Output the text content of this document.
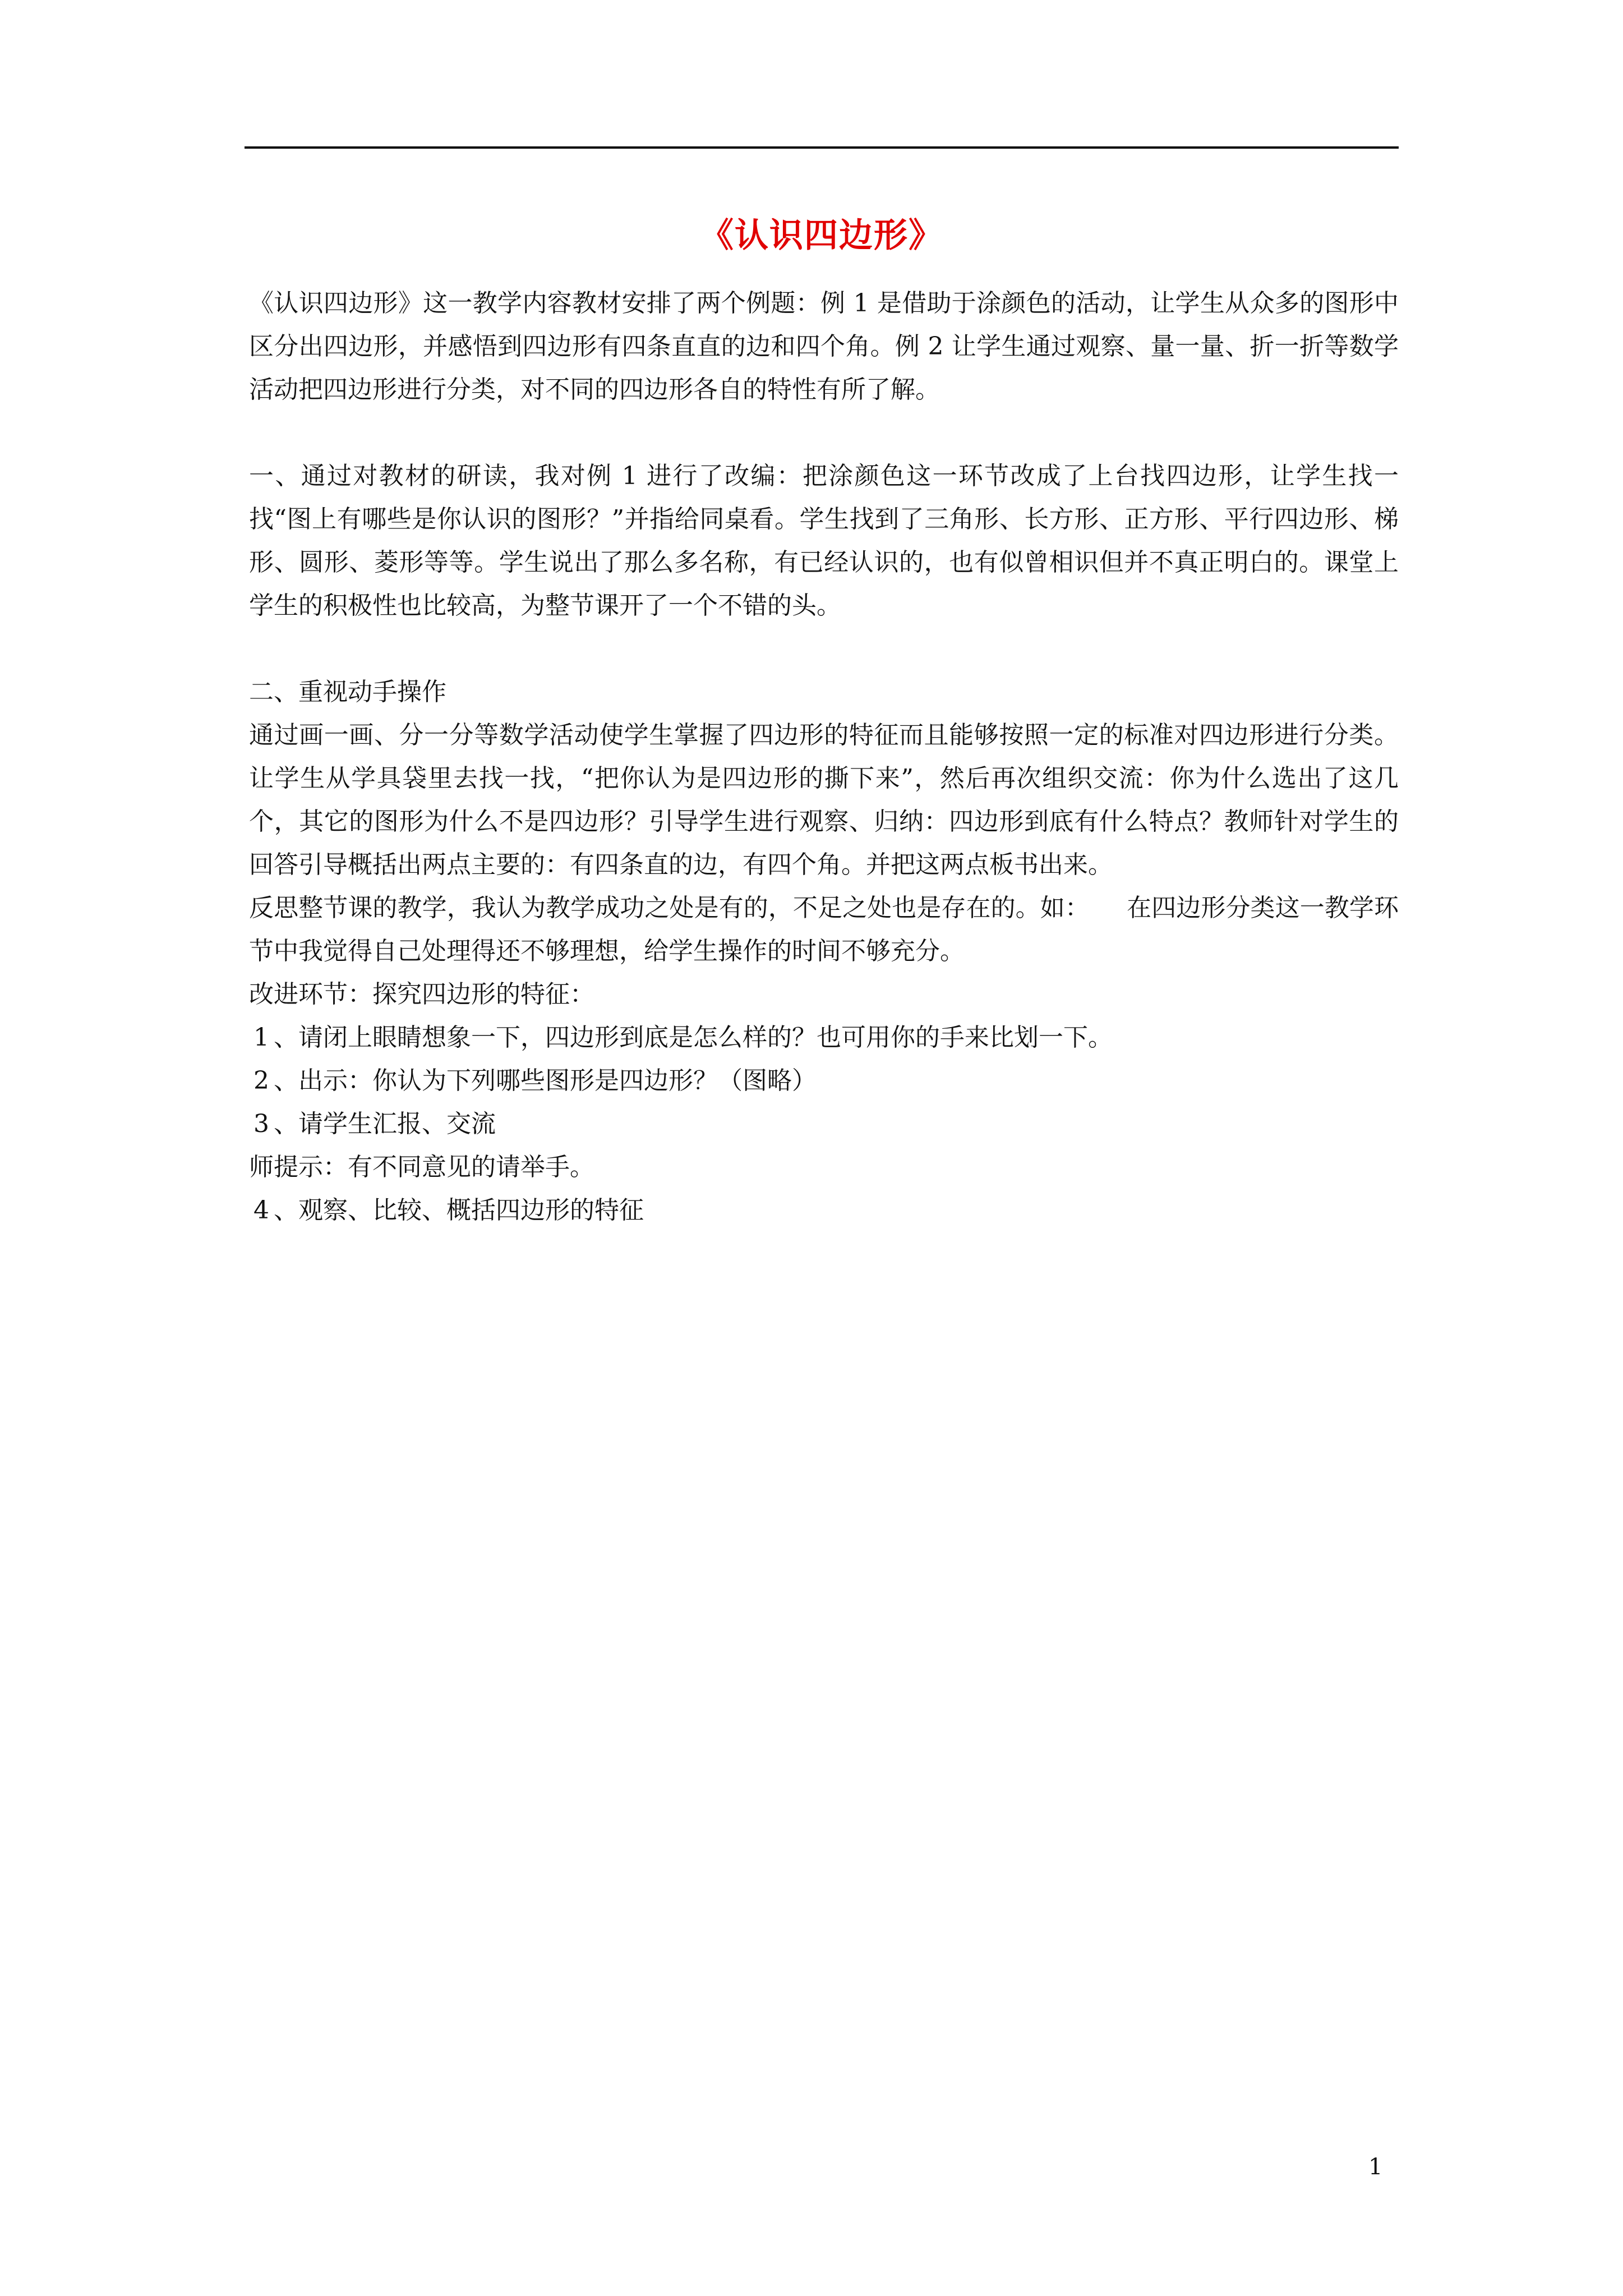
《认识四边形》

《认识四边形》这一教学内容教材安排了两个例题：例 1 是借助于涂颜色的活动，让学生从众多的图形中区分出四边形，并感悟到四边形有四条直直的边和四个角。例 2 让学生通过观察、量一量、折一折等数学活动把四边形进行分类，对不同的四边形各自的特性有所了解。

一、通过对教材的研读，我对例 1 进行了改编：把涂颜色这一环节改成了上台找四边形，让学生找一找“图上有哪些是你认识的图形？”并指给同桌看。学生找到了三角形、长方形、正方形、平行四边形、梯形、圆形、菱形等等。学生说出了那么多名称，有已经认识的，也有似曾相识但并不真正明白的。课堂上学生的积极性也比较高，为整节课开了一个不错的头。

二、重视动手操作

通过画一画、分一分等数学活动使学生掌握了四边形的特征而且能够按照一定的标准对四边形进行分类。让学生从学具袋里去找一找，“把你认为是四边形的撕下来”，然后再次组织交流：你为什么选出了这几个，其它的图形为什么不是四边形？引导学生进行观察、归纳：四边形到底有什么特点？教师针对学生的回答引导概括出两点主要的：有四条直的边，有四个角。并把这两点板书出来。

反思整节课的教学，我认为教学成功之处是有的，不足之处也是存在的。如：　　在四边形分类这一教学环节中我觉得自己处理得还不够理想，给学生操作的时间不够充分。

改进环节：探究四边形的特征：

1 、请闭上眼睛想象一下，四边形到底是怎么样的？也可用你的手来比划一下。

2 、出示：你认为下列哪些图形是四边形？（图略）

3 、请学生汇报、交流

师提示：有不同意见的请举手。

4 、观察、比较、概括四边形的特征

1
